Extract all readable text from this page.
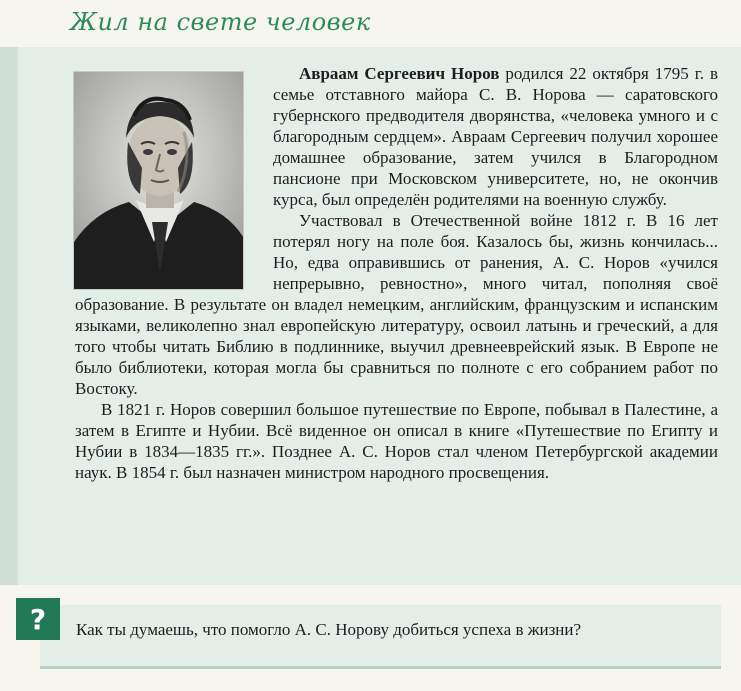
Жил на свете человек

Авраам Сергеевич Норов родился 22 октября 1795 г. в семье отставного майора С. В. Норова — саратовского губернского предводителя дворянства, «человека умного и с благородным сердцем». Авраам Сергеевич получил хорошее домашнее образование, затем учился в Благородном пансионе при Московском университете, но, не окончив курса, был определён родителями на военную службу.

Участвовал в Отечественной войне 1812 г. В 16 лет потерял ногу на поле боя. Казалось бы, жизнь кончилась... Но, едва оправившись от ранения, А. С. Норов «учился непрерывно, ревностно», много читал, пополняя своё образование. В результате он владел немецким, английским, французским и испанским языками, великолепно знал европейскую литературу, освоил латынь и греческий, а для того чтобы читать Библию в подлиннике, выучил древнееврейский язык. В Европе не было библиотеки, которая могла бы сравниться по полноте с его собранием работ по Востоку.

В 1821 г. Норов совершил большое путешествие по Европе, побывал в Палестине, а затем в Египте и Нубии. Всё виденное он описал в книге «Путешествие по Египту и Нубии в 1834—1835 гг.». Позднее А. С. Норов стал членом Петербургской академии наук. В 1854 г. был назначен министром народного просвещения.

?	Как ты думаешь, что помогло А. С. Норову добиться успеха в жизни?
